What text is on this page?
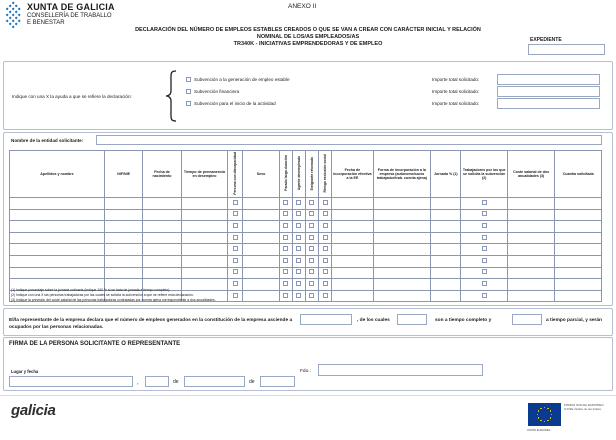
XUNTA DE GALICIA
CONSELLERÍA DE TRABALLO
E BENESTAR
ANEXO II
DECLARACIÓN DEL NÚMERO DE EMPLEOS ESTABLES CREADOS O QUE SE VAN A CREAR CON CARÁCTER INICIAL Y RELACIÓN
NOMINAL DE LOS/AS EMPLEADOS/AS
TR340K - INICIATIVAS EMPRENDEDORAS Y DE EMPLEO
EXPEDIENTE
Indique con una X la ayuda a que se refiere la declaración:
Subvención a la generación de empleo estable	Importe total solicitado:
Subvención financiera	Importe total solicitado:
Subvención para el inicio de la actividad	Importe total solicitado:
Nombre de la entidad solicitante:
Apellidos y nombre	NIF/NIE	Fecha de nacimiento	Tiempo de permanencia en desempleo	Persona con discapacidad	Sexo	Parado larga duración	Agente desempleado	Emigrante retornado	Riesgo exclusión social	Fecha de incorporación efectiva a la EE	Forma de incorporación a la empresa (autónomo/socio trabajador/trab. cuenta ajena)	Jornada % (1)	Trabajadores por los que se solicita la subvención (2)	Coste salarial de dos anualidades (3)	Cuantía solicitada

(1) Indique porcentaje sobre la jornada ordinaria (indique 100 % si se trata de jornada a tiempo completo).
(2) Indique con una X las personas trabajadoras por las cuales se solicita la subvención a que se refiere esta declaración.
(3) Indique la previsión del coste salarial de las personas trabajadoras contratadas por cuenta ajena correspondiente a dos anualidades.
El/la representante de la empresa declara que el número de empleos generados en la constitución de la empresa asciende a	, de los cuales	son a tiempo completo y	a tiempo parcial, y serán
ocupados por las personas relacionadas.
FIRMA DE LA PERSONA SOLICITANTE O REPRESENTANTE
Lugar y fecha
,	de	de
Fdo.:
galicia	FONDO SOCIAL EUROPEO
O FSE inviste no teu futuro
UNIÓN EUROPEA
